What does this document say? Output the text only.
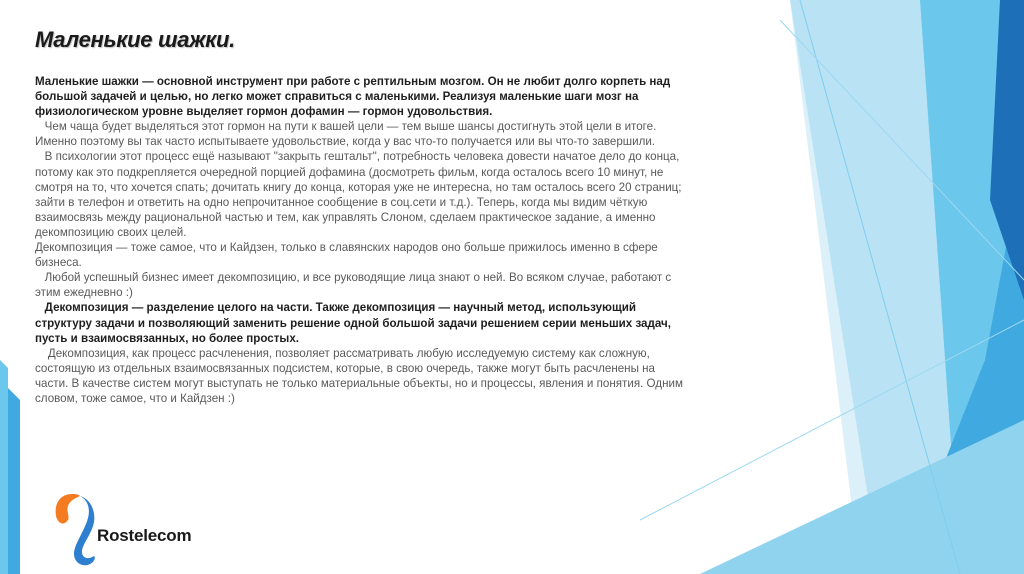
Маленькие шажки.

Маленькие шажки — основной инструмент при работе с рептильным мозгом. Он не любит долго корпеть над большой задачей и целью, но легко может справиться с маленькими. Реализуя маленькие шаги мозг на физиологическом уровне выделяет гормон дофамин — гормон удовольствия.

Чем чаща будет выделяться этот гормон на пути к вашей цели — тем выше шансы достигнуть этой цели в итоге. Именно поэтому вы так часто испытываете удовольствие, когда у вас что-то получается или вы что-то завершили.

В психологии этот процесс ещё называют "закрыть гештальт", потребность человека довести начатое дело до конца, потому как это подкрепляется очередной порцией дофамина (досмотреть фильм, когда осталось всего 10 минут, не смотря на то, что хочется спать; дочитать книгу до конца, которая уже не интересна, но там осталось всего 20 страниц; зайти в телефон и ответить на одно непрочитанное сообщение в соц.сети и т.д.). Теперь, когда мы видим чёткую взаимосвязь между рациональной частью и тем, как управлять Слоном, сделаем практическое задание, а именно декомпозицию своих целей.

Декомпозиция — тоже самое, что и Кайдзен, только в славянских народов оно больше прижилось именно в сфере бизнеса.

Любой успешный бизнес имеет декомпозицию, и все руководящие лица знают о ней. Во всяком случае, работают с этим ежедневно :)

Декомпозиция — разделение целого на части. Также декомпозиция — научный метод, использующий структуру задачи и позволяющий заменить решение одной большой задачи решением серии меньших задач, пусть и взаимосвязанных, но более простых.

Декомпозиция, как процесс расчленения, позволяет рассматривать любую исследуемую систему как сложную, состоящую из отдельных взаимосвязанных подсистем, которые, в свою очередь, также могут быть расчленены на части. В качестве систем могут выступать не только материальные объекты, но и процессы, явления и понятия. Одним словом, тоже самое, что и Кайдзен :)

Rostelecom
